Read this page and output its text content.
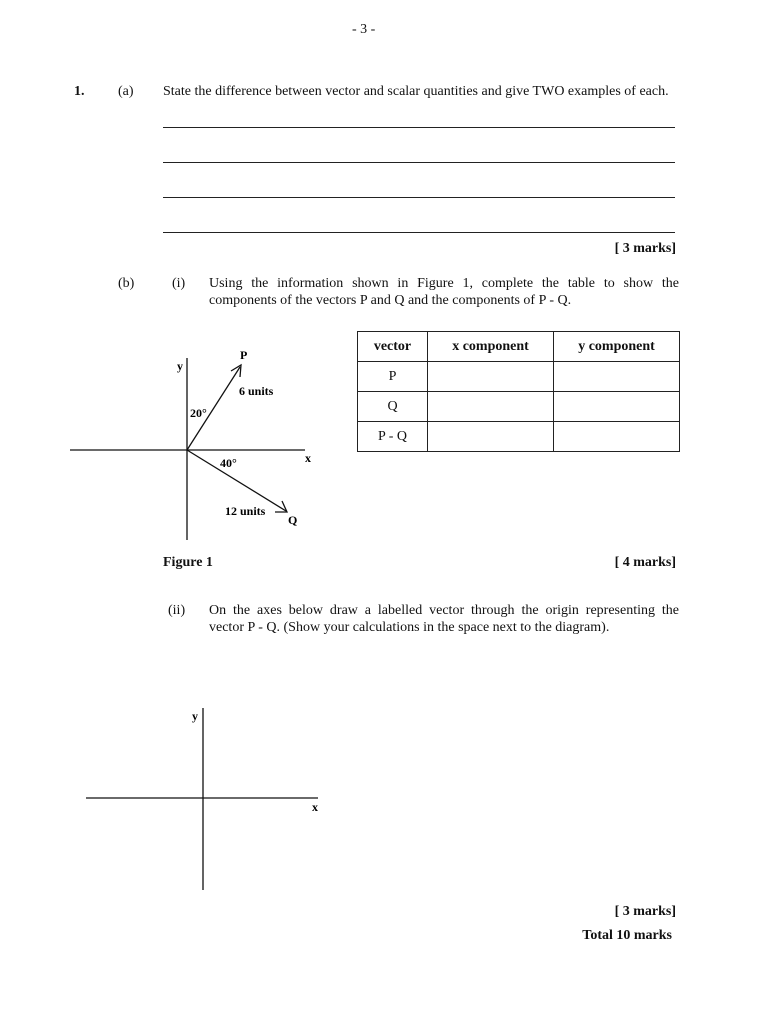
- 3 -
1. (a) State the difference between vector and scalar quantities and give TWO examples of each.
[ 3 marks]
(b)	(i) Using the information shown in Figure 1, complete the table to show the
components of the vectors P and Q and the components of P - Q.
y
x
P
6 units
20°
Q
12 units
40°
Figure 1
vector	x component	y component
P		
Q		
P - Q		
[ 4 marks]
(ii) On the axes below draw a labelled vector through the origin representing the
vector P - Q. (Show your calculations in the space next to the diagram).
y
x
[ 3 marks]
Total 10 marks
